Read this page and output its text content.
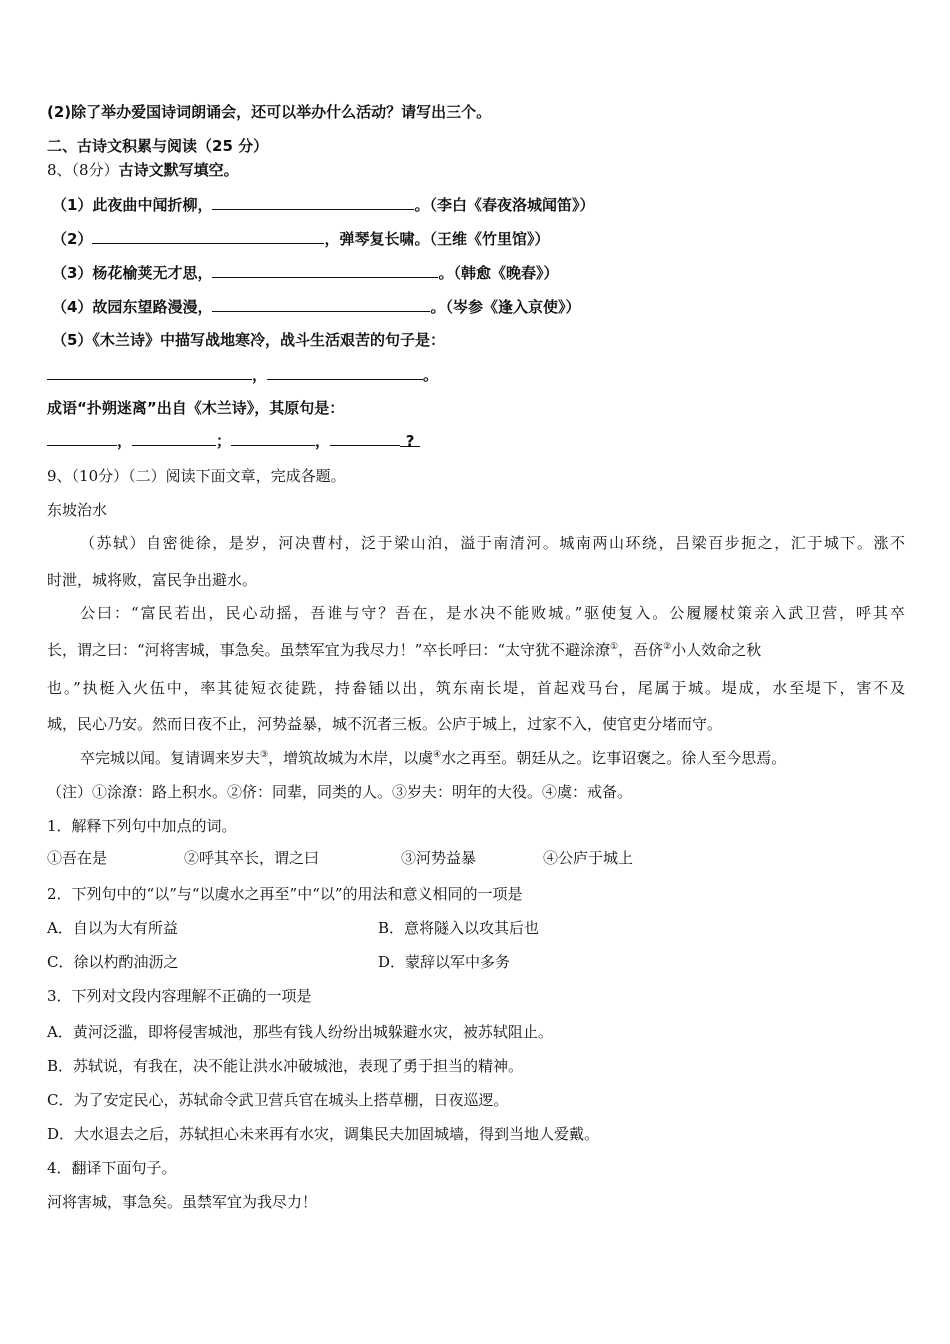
(2)除了举办爱国诗词朗诵会，还可以举办什么活动？请写出三个。
二、古诗文积累与阅读（25 分）
8、（8分）古诗文默写填空。
（1）此夜曲中闻折柳，	。（李白《春夜洛城闻笛》）
（2）	，弹琴复长啸。（王维《竹里馆》）
（3）杨花榆荚无才思，	。（韩愈《晚春》）
（4）故园东望路漫漫，	。（岑参《逢入京使》）
（5）《木兰诗》中描写战地寒冷，战斗生活艰苦的句子是：
，	。
成语“扑朔迷离”出自《木兰诗》，其原句是：
，	；	，	?
9、（10分）（二）阅读下面文章，完成各题。
东坡治水
（苏轼）自密徙徐，是岁，河决曹村，泛于梁山泊，溢于南清河。城南两山环绕，吕梁百步扼之，汇于城下。涨不
时泄，城将败，富民争出避水。
公曰：“富民若出，民心动摇，吾谁与守？吾在，是水决不能败城。”驱使复入。公履屦杖策亲入武卫营，呼其卒
长，谓之曰：“河将害城，事急矣。虽禁军宜为我尽力！”卒长呼曰：“太守犹不避涂潦①，吾侪②小人效命之秋
也。”执梃入火伍中，率其徒短衣徒跣，持畚锸以出，筑东南长堤，首起戏马台，尾属于城。堤成，水至堤下，害不及
城，民心乃安。然而日夜不止，河势益暴，城不沉者三板。公庐于城上，过家不入，使官吏分堵而守。
卒完城以闻。复请调来岁夫③，增筑故城为木岸，以虞④水之再至。朝廷从之。讫事诏褒之。徐人至今思焉。
（注）①涂潦：路上积水。②侪：同辈，同类的人。③岁夫：明年的大役。④虞：戒备。
1．解释下列句中加点的词。
①吾在是	②呼其卒长，谓之曰	③河势益暴	④公庐于城上
2．下列句中的“以”与“以虞水之再至”中“以”的用法和意义相同的一项是
A．自以为大有所益	B．意将隧入以攻其后也
C．徐以杓酌油沥之	D．蒙辞以军中多务
3．下列对文段内容理解不正确的一项是
A．黄河泛滥，即将侵害城池，那些有钱人纷纷出城躲避水灾，被苏轼阻止。
B．苏轼说，有我在，决不能让洪水冲破城池，表现了勇于担当的精神。
C．为了安定民心，苏轼命令武卫营兵官在城头上搭草棚，日夜巡逻。
D．大水退去之后，苏轼担心未来再有水灾，调集民夫加固城墙，得到当地人爱戴。
4．翻译下面句子。
河将害城，事急矣。虽禁军宜为我尽力！
